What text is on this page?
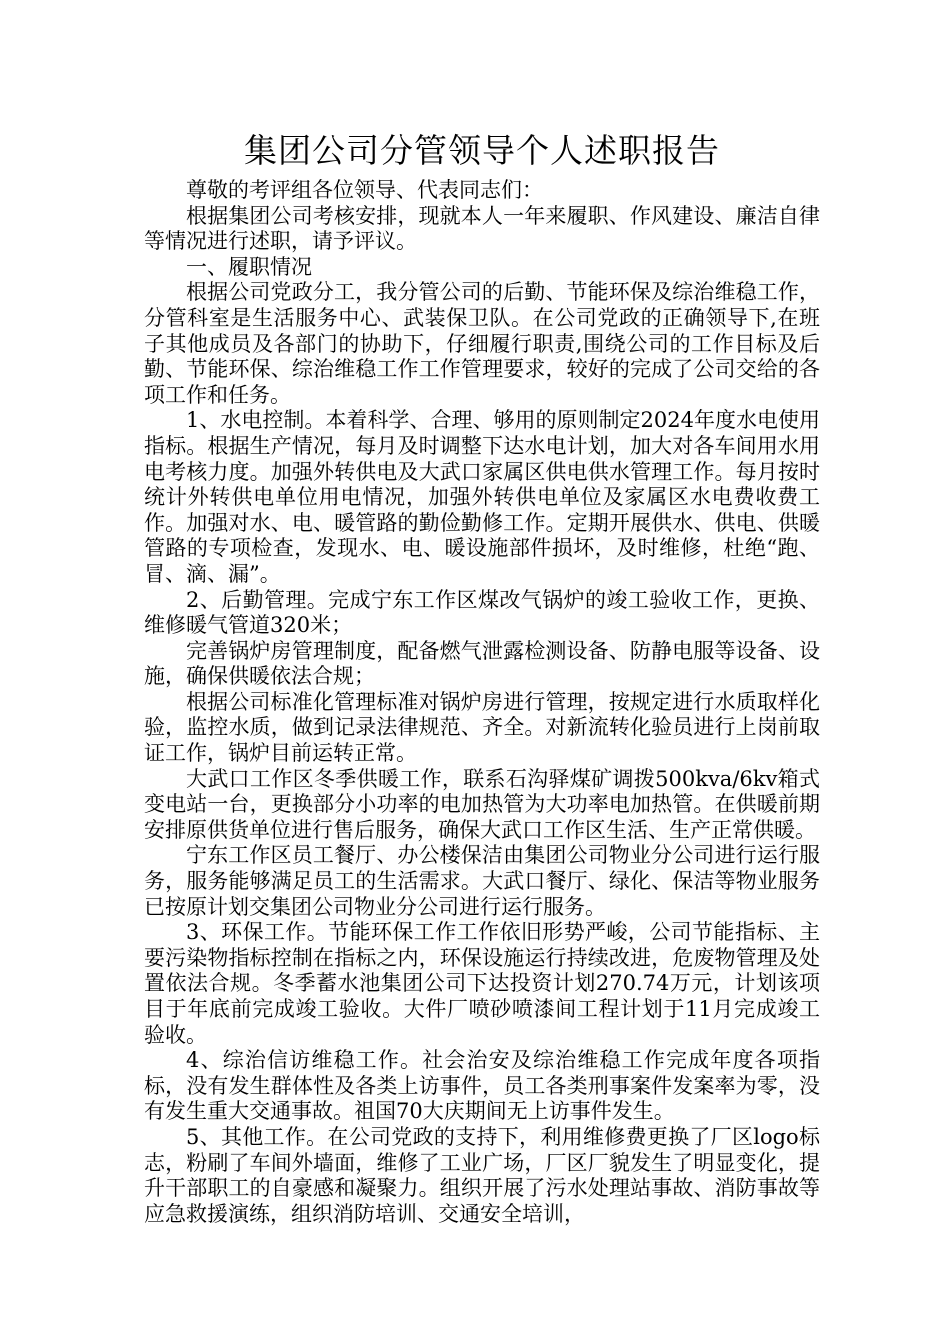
集团公司分管领导个人述职报告

尊敬的考评组各位领导、代表同志们：

根据集团公司考核安排，现就本人一年来履职、作风建设、廉洁自律等情况进行述职，请予评议。

一、履职情况

根据公司党政分工，我分管公司的后勤、节能环保及综治维稳工作，分管科室是生活服务中心、武装保卫队。在公司党政的正确领导下,在班子其他成员及各部门的协助下，仔细履行职责,围绕公司的工作目标及后勤、节能环保、综治维稳工作工作管理要求，较好的完成了公司交给的各项工作和任务。

1、水电控制。本着科学、合理、够用的原则制定2024年度水电使用指标。根据生产情况，每月及时调整下达水电计划，加大对各车间用水用电考核力度。加强外转供电及大武口家属区供电供水管理工作。每月按时统计外转供电单位用电情况，加强外转供电单位及家属区水电费收费工作。加强对水、电、暖管路的勤俭勤修工作。定期开展供水、供电、供暖管路的专项检查，发现水、电、暖设施部件损坏，及时维修，杜绝“跑、冒、滴、漏”。

2、后勤管理。完成宁东工作区煤改气锅炉的竣工验收工作，更换、维修暖气管道320米；

完善锅炉房管理制度，配备燃气泄露检测设备、防静电服等设备、设施，确保供暖依法合规；

根据公司标准化管理标准对锅炉房进行管理，按规定进行水质取样化验，监控水质，做到记录法律规范、齐全。对新流转化验员进行上岗前取证工作，锅炉目前运转正常。

大武口工作区冬季供暖工作，联系石沟驿煤矿调拨500kva/6kv箱式变电站一台，更换部分小功率的电加热管为大功率电加热管。在供暖前期安排原供货单位进行售后服务，确保大武口工作区生活、生产正常供暖。

宁东工作区员工餐厅、办公楼保洁由集团公司物业分公司进行运行服务，服务能够满足员工的生活需求。大武口餐厅、绿化、保洁等物业服务已按原计划交集团公司物业分公司进行运行服务。

3、环保工作。节能环保工作工作依旧形势严峻，公司节能指标、主要污染物指标控制在指标之内，环保设施运行持续改进，危废物管理及处置依法合规。冬季蓄水池集团公司下达投资计划270.74万元，计划该项目于年底前完成竣工验收。大件厂喷砂喷漆间工程计划于11月完成竣工验收。

4、综治信访维稳工作。社会治安及综治维稳工作完成年度各项指标，没有发生群体性及各类上访事件，员工各类刑事案件发案率为零，没有发生重大交通事故。祖国70大庆期间无上访事件发生。

5、其他工作。在公司党政的支持下，利用维修费更换了厂区logo标志，粉刷了车间外墙面，维修了工业广场，厂区厂貌发生了明显变化，提升干部职工的自豪感和凝聚力。组织开展了污水处理站事故、消防事故等应急救援演练，组织消防培训、交通安全培训，
